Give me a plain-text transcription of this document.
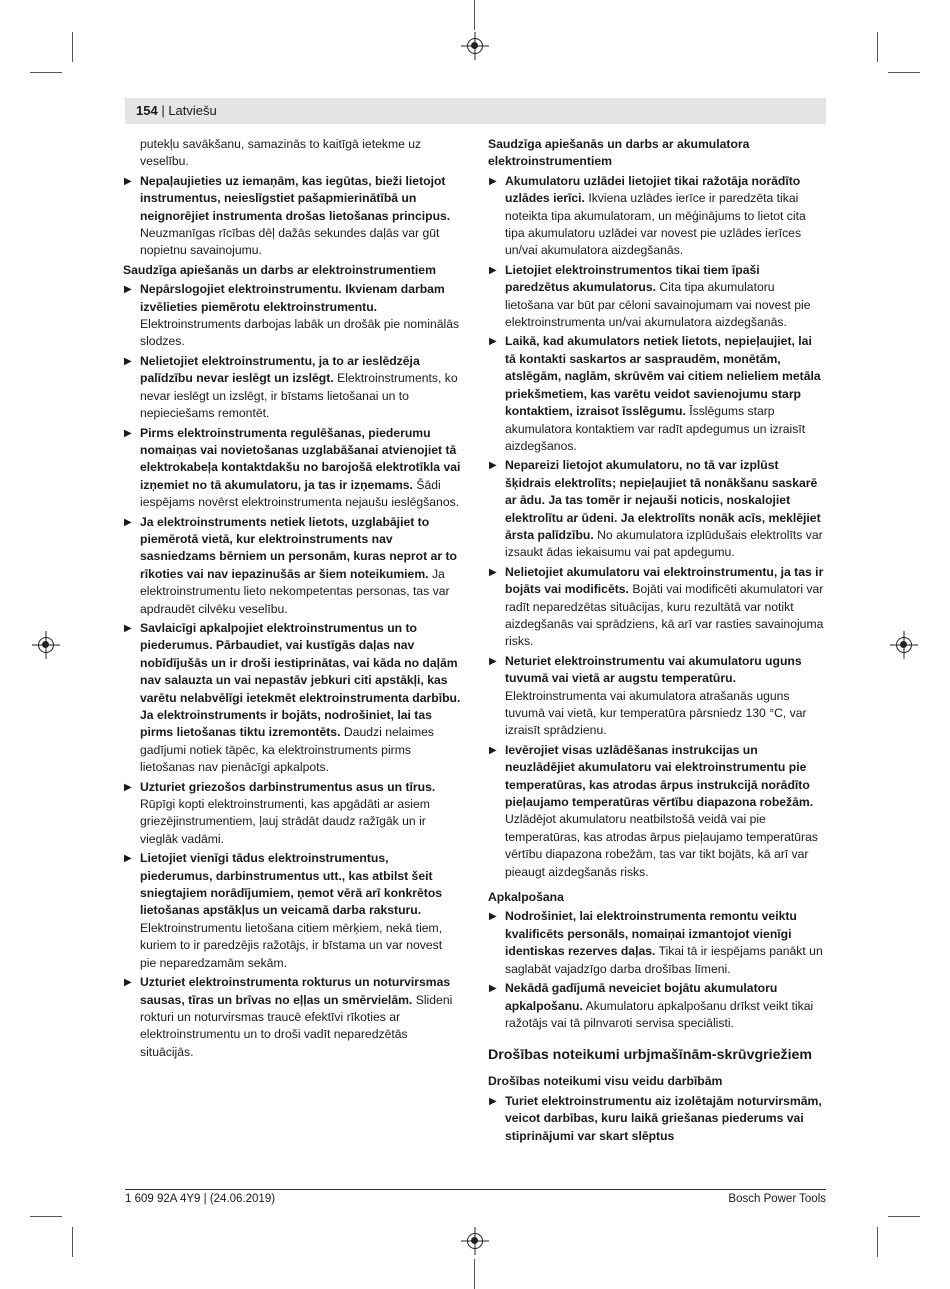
154 | Latviešu

putekļu savākšanu, samazinās to kaitīgā ietekme uz veselību.

▶ Nepaļaujieties uz iemaņām, kas iegūtas, bieži lietojot instrumentus, neieslīgstiet pašapmierinātībā un neignorējiet instrumenta drošas lietošanas principus. Neuzmanīgas rīcības dēļ dažās sekundes daļās var gūt nopietnu savainojumu.

Saudzīga apiešanās un darbs ar elektroinstrumentiem

▶ Nepārslogojiet elektroinstrumentu. Ikvienam darbam izvēlieties piemērotu elektroinstrumentu. Elektroinstruments darbojas labāk un drošāk pie nominālās slodzes.
▶ Nelietojiet elektroinstrumentu, ja to ar ieslēdzēja palīdzību nevar ieslēgt un izslēgt. Elektroinstruments, ko nevar ieslēgt un izslēgt, ir bīstams lietošanai un to nepieciešams remontēt.
▶ Pirms elektroinstrumenta regulēšanas, piederumu nomaiņas vai novietošanas uzglabāšanai atvienojiet tā elektrokabeļa kontaktdakšu no barojošā elektrotīkla vai izņemiet no tā akumulatoru, ja tas ir izņemams. Šādi iespējams novērst elektroinstrumenta nejaušu ieslēgšanos.
▶ Ja elektroinstruments netiek lietots, uzglabājiet to piemērotā vietā, kur elektroinstruments nav sasniedzams bērniem un personām, kuras neprot ar to rīkoties vai nav iepazinušās ar šiem noteikumiem. Ja elektroinstrumentu lieto nekompetentas personas, tas var apdraudēt cilvēku veselību.
▶ Savlaicīgi apkalpojiet elektroinstrumentus un to piederumus. Pārbaudiet, vai kustīgās daļas nav nobīdījušās un ir droši iestiprinātas, vai kāda no daļām nav salauzta un vai nepastāv jebkuri citi apstākļi, kas varētu nelabvēlīgi ietekmēt elektroinstrumenta darbību. Ja elektroinstruments ir bojāts, nodrošiniet, lai tas pirms lietošanas tiktu izremontēts. Daudzi nelaimes gadījumi notiek tāpēc, ka elektroinstruments pirms lietošanas nav pienācīgi apkalpots.
▶ Uzturiet griezošos darbinstrumentus asus un tīrus. Rūpīgi kopti elektroinstrumenti, kas apgādāti ar asiem griezējinstrumentiem, ļauj strādāt daudz ražīgāk un ir vieglāk vadāmi.
▶ Lietojiet vienīgi tādus elektroinstrumentus, piederumus, darbinstrumentus utt., kas atbilst šeit sniegtajiem norādījumiem, ņemot vērā arī konkrētos lietošanas apstākļus un veicamā darba raksturu. Elektroinstrumentu lietošana citiem mērķiem, nekā tiem, kuriem to ir paredzējis ražotājs, ir bīstama un var novest pie neparedzamām sekām.
▶ Uzturiet elektroinstrumenta rokturus un noturvirsmas sausas, tīras un brīvas no eļļas un smērvielām. Slideni rokturi un noturvirsmas traucē efektīvi rīkoties ar elektroinstrumentu un to droši vadīt neparedzētās situācijās.

Saudzīga apiešanās un darbs ar akumulatora elektroinstrumentiem

▶ Akumulatoru uzlādei lietojiet tikai ražotāja norādīto uzlādes ierīci. Ikviena uzlādes ierīce ir paredzēta tikai noteikta tipa akumulatoram, un mēģinājums to lietot cita tipa akumulatoru uzlādei var novest pie uzlādes ierīces un/vai akumulatora aizdegšanās.
▶ Lietojiet elektroinstrumentos tikai tiem īpaši paredzētus akumulatorus. Cita tipa akumulatoru lietošana var būt par cēloni savainojumam vai novest pie elektroinstrumenta un/vai akumulatora aizdegšanās.
▶ Laikā, kad akumulators netiek lietots, nepieļaujiet, lai tā kontakti saskartos ar saspraudēm, monētām, atslēgām, naglām, skrūvēm vai citiem nelieliem metāla priekšmetiem, kas varētu veidot savienojumu starp kontaktiem, izraisot īsslēgumu. Īsslēgums starp akumulatora kontaktiem var radīt apdegumus un izraisīt aizdegšanos.
▶ Nepareizi lietojot akumulatoru, no tā var izplūst šķidrais elektrolīts; nepieļaujiet tā nonākšanu saskarē ar ādu. Ja tas tomēr ir nejauši noticis, noskalojiet elektrolītu ar ūdeni. Ja elektrolīts nonāk acīs, meklējiet ārsta palīdzību. No akumulatora izplūdušais elektrolīts var izsaukt ādas iekaisumu vai pat apdegumu.
▶ Nelietojiet akumulatoru vai elektroinstrumentu, ja tas ir bojāts vai modificēts. Bojāti vai modificēti akumulatori var radīt neparedzētas situācijas, kuru rezultātā var notikt aizdegšanās vai sprādziens, kā arī var rasties savainojuma risks.
▶ Neturiet elektroinstrumentu vai akumulatoru uguns tuvumā vai vietā ar augstu temperatūru. Elektroinstrumenta vai akumulatora atrašanās uguns tuvumā vai vietā, kur temperatūra pārsniedz 130 °C, var izraisīt sprādzienu.
▶ Ievērojiet visas uzlādēšanas instrukcijas un neuzlādējiet akumulatoru vai elektroinstrumentu pie temperatūras, kas atrodas ārpus instrukcijā norādīto pieļaujamo temperatūras vērtību diapazona robežām. Uzlādējot akumulatoru neatbilstošā veidā vai pie temperatūras, kas atrodas ārpus pieļaujamo temperatūras vērtību diapazona robežām, tas var tikt bojāts, kā arī var pieaugt aizdegšanās risks.

Apkalpošana

▶ Nodrošiniet, lai elektroinstrumenta remontu veiktu kvalificēts personāls, nomaiņai izmantojot vienīgi identiskas rezerves daļas. Tikai tā ir iespējams panākt un saglabāt vajadzīgo darba drošības līmeni.
▶ Nekādā gadījumā neveiciet bojātu akumulatoru apkalpošanu. Akumulatoru apkalpošanu drīkst veikt tikai ražotājs vai tā pilnvaroti servisa speciālisti.

Drošības noteikumi urbjmašīnām-skrūvgriežiem

Drošības noteikumi visu veidu darbībām

▶ Turiet elektroinstrumentu aiz izolētajām noturvirsmām, veicot darbības, kuru laikā griešanas piederums vai stiprinājumi var skart slēptus
1 609 92A 4Y9 | (24.06.2019)	Bosch Power Tools
